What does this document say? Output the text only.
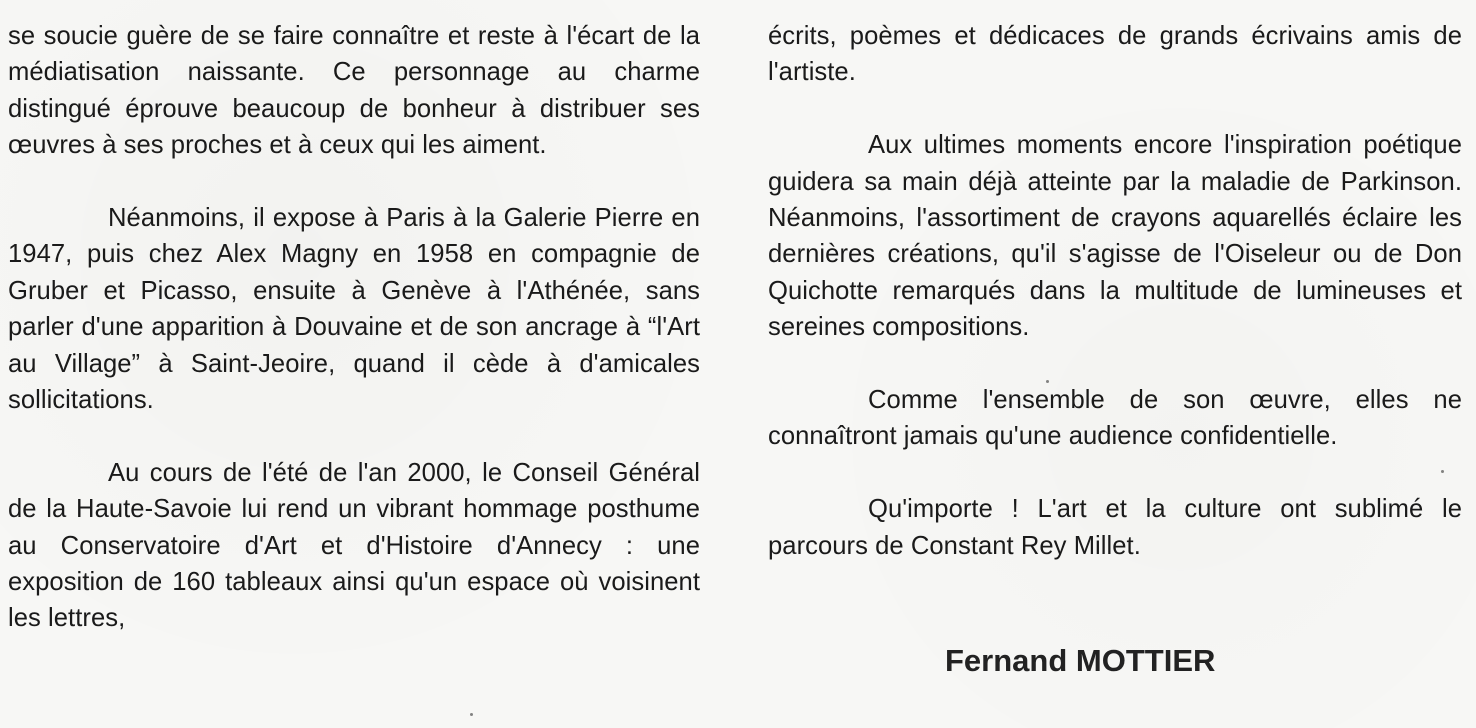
se soucie guère de se faire connaître et reste à l'écart de la médiatisation naissante. Ce personnage au charme distingué éprouve beaucoup de bonheur à distribuer ses œuvres à ses proches et à ceux qui les aiment.

Néanmoins, il expose à Paris à la Galerie Pierre en 1947, puis chez Alex Magny en 1958 en compagnie de Gruber et Picasso, ensuite à Genève à l'Athénée, sans parler d'une apparition à Douvaine et de son ancrage à “l'Art au Village” à Saint-Jeoire, quand il cède à d'amicales sollicitations.

Au cours de l'été de l'an 2000, le Conseil Général de la Haute-Savoie lui rend un vibrant hommage posthume au Conservatoire d'Art et d'Histoire d'Annecy : une exposition de 160 tableaux ainsi qu'un espace où voisinent les lettres,

écrits, poèmes et dédicaces de grands écrivains amis de l'artiste.

Aux ultimes moments encore l'inspiration poétique guidera sa main déjà atteinte par la maladie de Parkinson. Néanmoins, l'assortiment de crayons aquarellés éclaire les dernières créations, qu'il s'agisse de l'Oiseleur ou de Don Quichotte remarqués dans la multitude de lumineuses et sereines compositions.

Comme l'ensemble de son œuvre, elles ne connaîtront jamais qu'une audience confidentielle.

Qu'importe ! L'art et la culture ont sublimé le parcours de Constant Rey Millet.

Fernand MOTTIER
